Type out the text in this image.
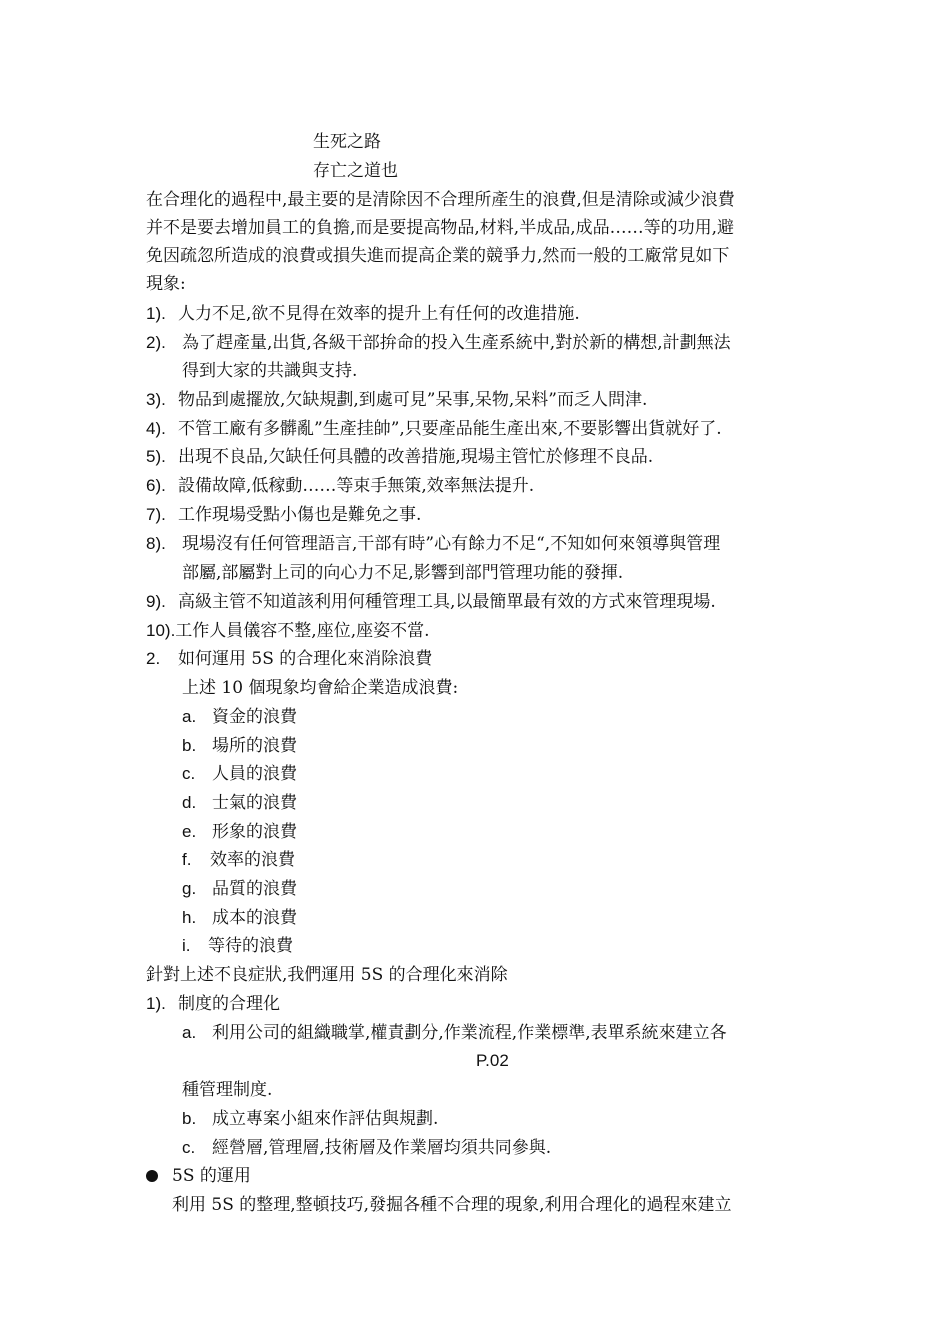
生死之路
存亡之道也
在合理化的過程中,最主要的是清除因不合理所產生的浪費,但是清除或減少浪費
并不是要去增加員工的負擔,而是要提高物品,材料,半成品,成品……等的功用,避
免因疏忽所造成的浪費或損失進而提高企業的競爭力,然而一般的工廠常見如下
現象:
1). 人力不足,欲不見得在效率的提升上有任何的改進措施.
2). 為了趕產量,出貨,各級干部拚命的投入生產系統中,對於新的構想,計劃無法
得到大家的共識與支持.
3). 物品到處擺放,欠缺規劃,到處可見”呆事,呆物,呆料”而乏人問津.
4). 不管工廠有多髒亂”生產挂帥”,只要產品能生產出來,不要影響出貨就好了.
5). 出現不良品,欠缺任何具體的改善措施,現場主管忙於修理不良品.
6). 設備故障,低稼動……等束手無策,效率無法提升.
7). 工作現場受點小傷也是難免之事.
8). 現場沒有任何管理語言,干部有時”心有餘力不足“,不知如何來領導與管理
部屬,部屬對上司的向心力不足,影響到部門管理功能的發揮.
9). 高級主管不知道該利用何種管理工具,以最簡單最有效的方式來管理現場.
10).工作人員儀容不整,座位,座姿不當.
2. 如何運用 5S 的合理化來消除浪費
上述 10 個現象均會給企業造成浪費:
a. 資金的浪費
b. 場所的浪費
c. 人員的浪費
d. 士氣的浪費
e. 形象的浪費
f. 效率的浪費
g. 品質的浪費
h. 成本的浪費
i. 等待的浪費
針對上述不良症狀,我們運用 5S 的合理化來消除
1). 制度的合理化
a. 利用公司的組織職掌,權責劃分,作業流程,作業標準,表單系統來建立各
P.02
種管理制度.
b. 成立專案小組來作評估與規劃.
c. 經營層,管理層,技術層及作業層均須共同參與.
5S 的運用
利用 5S 的整理,整頓技巧,發掘各種不合理的現象,利用合理化的過程來建立
